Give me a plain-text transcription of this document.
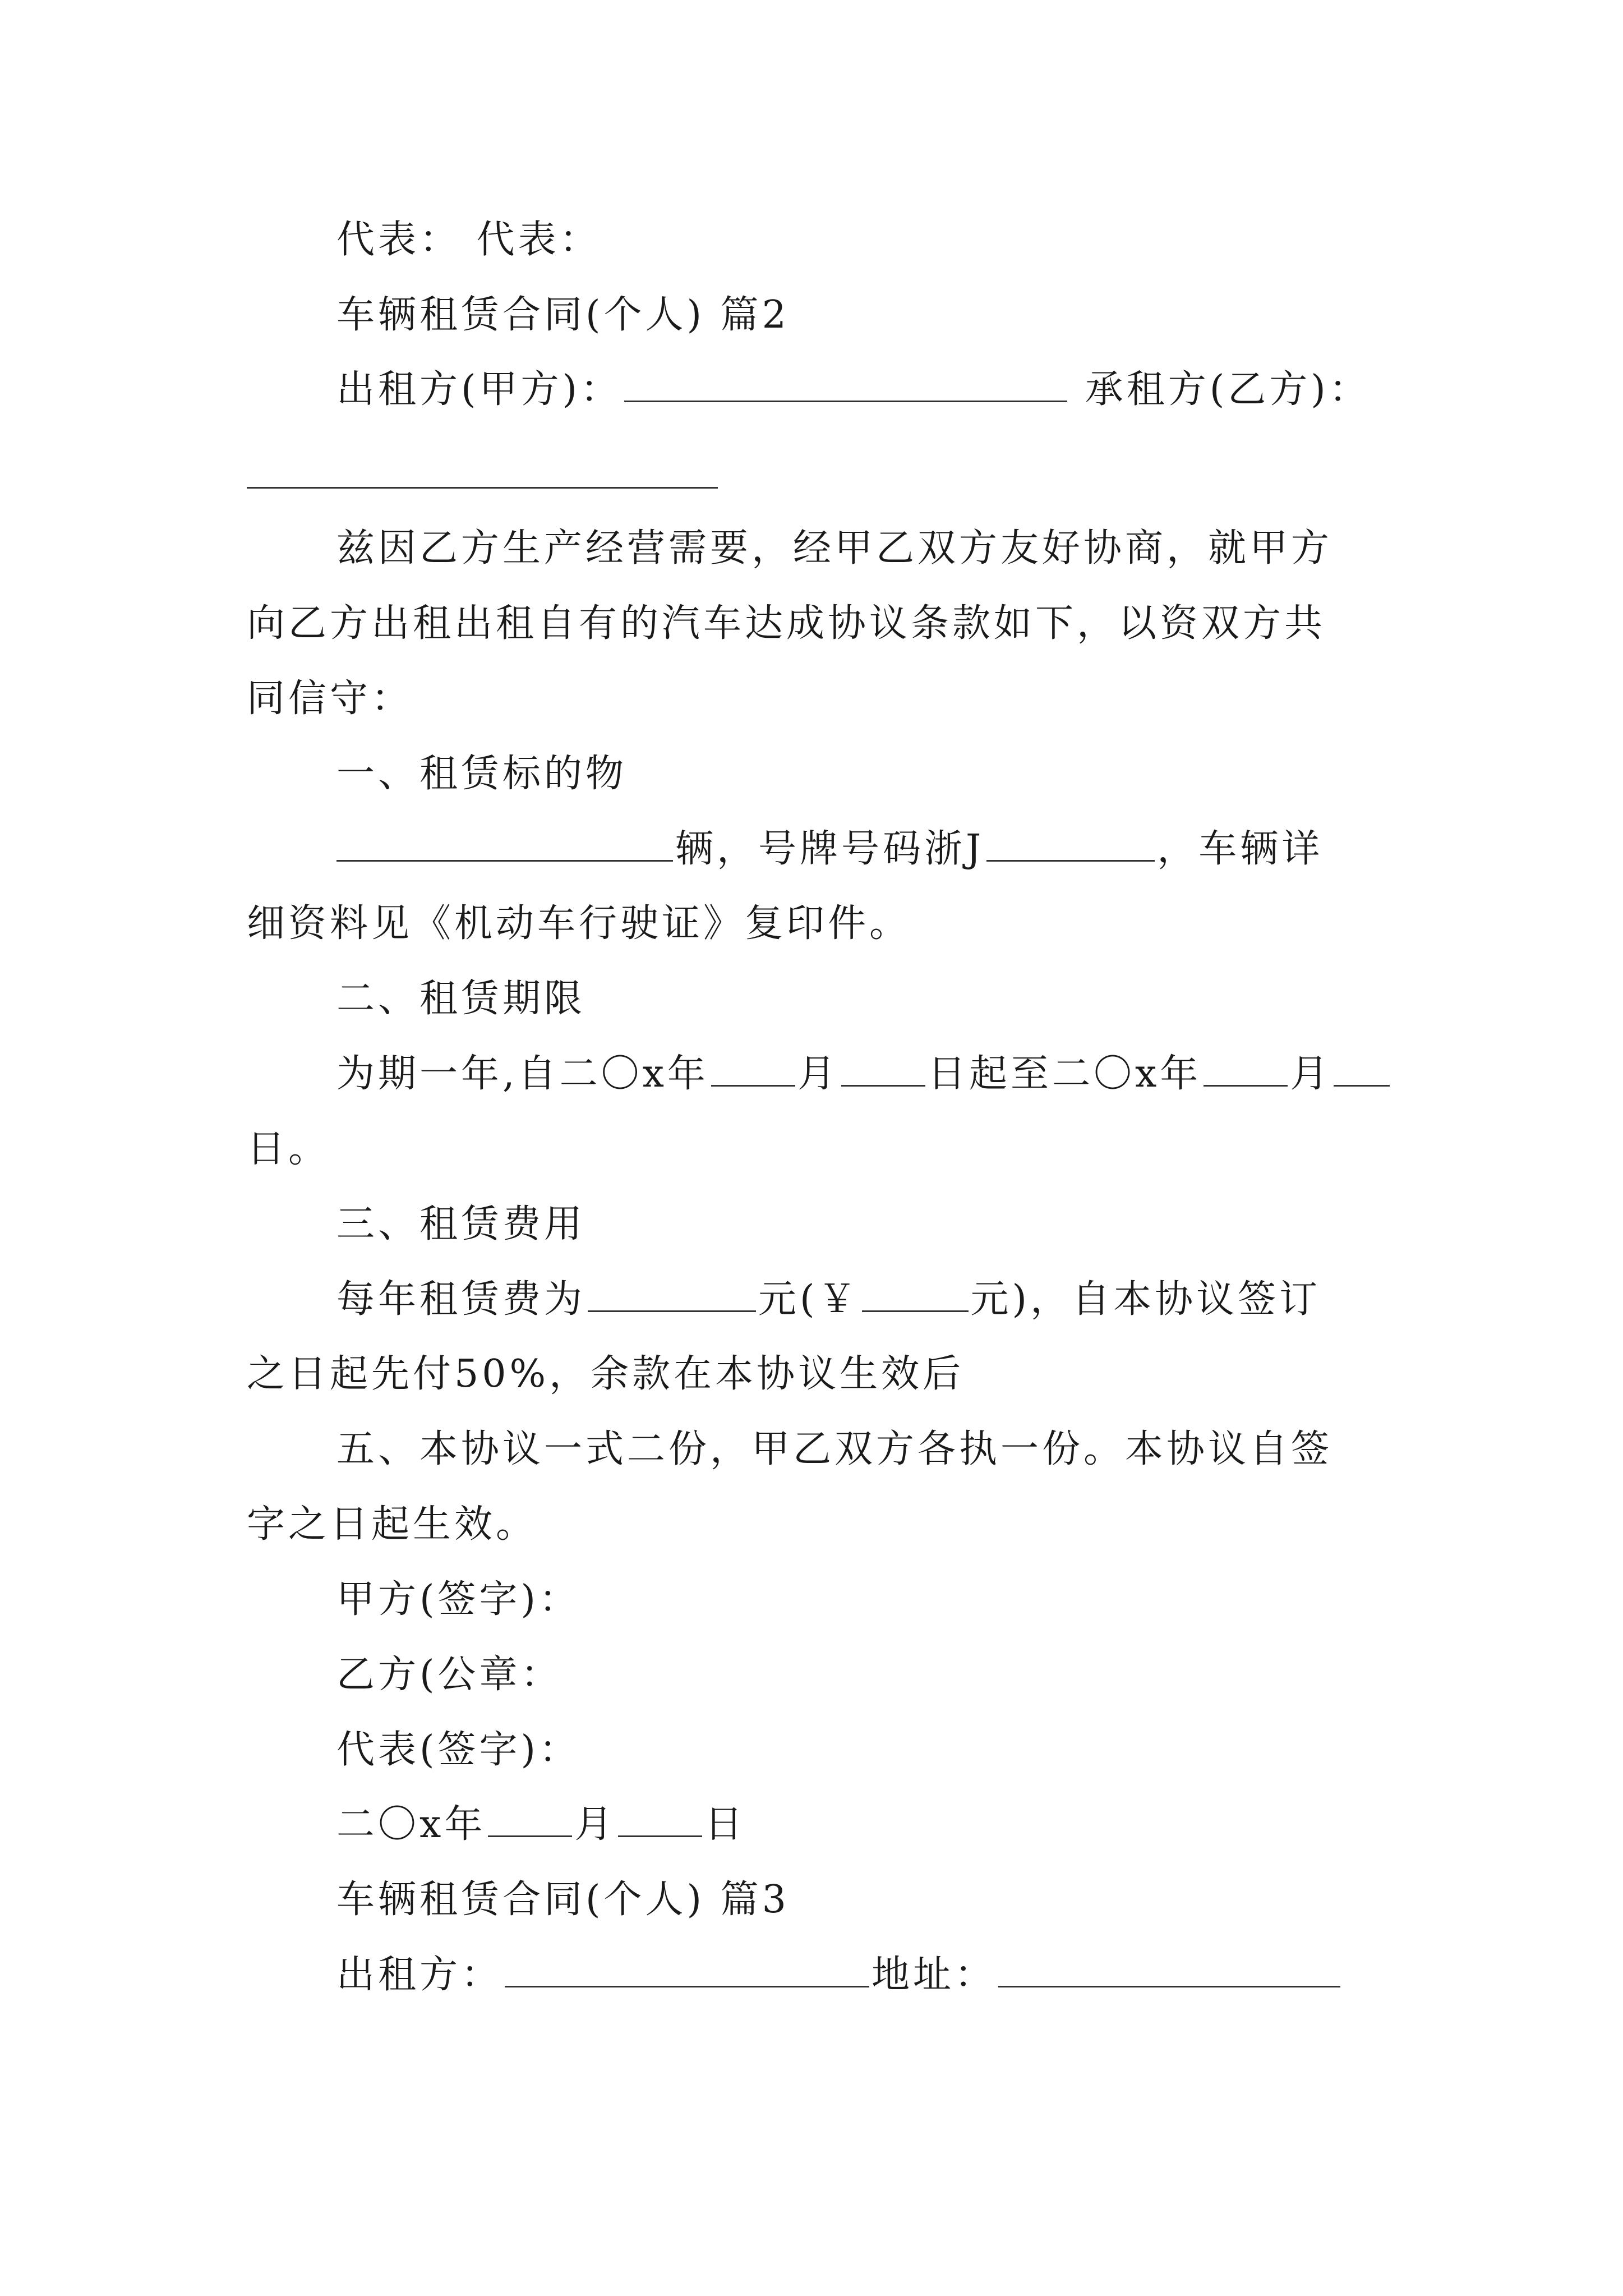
代表： 代表：
车辆租赁合同(个人) 篇2
出租方(甲方)：	承租方(乙方)：
兹因乙方生产经营需要，经甲乙双方友好协商，就甲方
向乙方出租出租自有的汽车达成协议条款如下，以资双方共
同信守：
一、租赁标的物
辆，号牌号码浙J	，车辆详
细资料见《机动车行驶证》复印件。
二、租赁期限
为期一年,自二〇x年 月 日起至二〇x年 月
日。
三、租赁费用
每年租赁费为	元(￥	元)，自本协议签订
之日起先付50%，余款在本协议生效后
五、本协议一式二份，甲乙双方各执一份。本协议自签
字之日起生效。
甲方(签字)：
乙方(公章：
代表(签字)：
二〇x年 月 日
车辆租赁合同(个人) 篇3
出租方：	地址：
